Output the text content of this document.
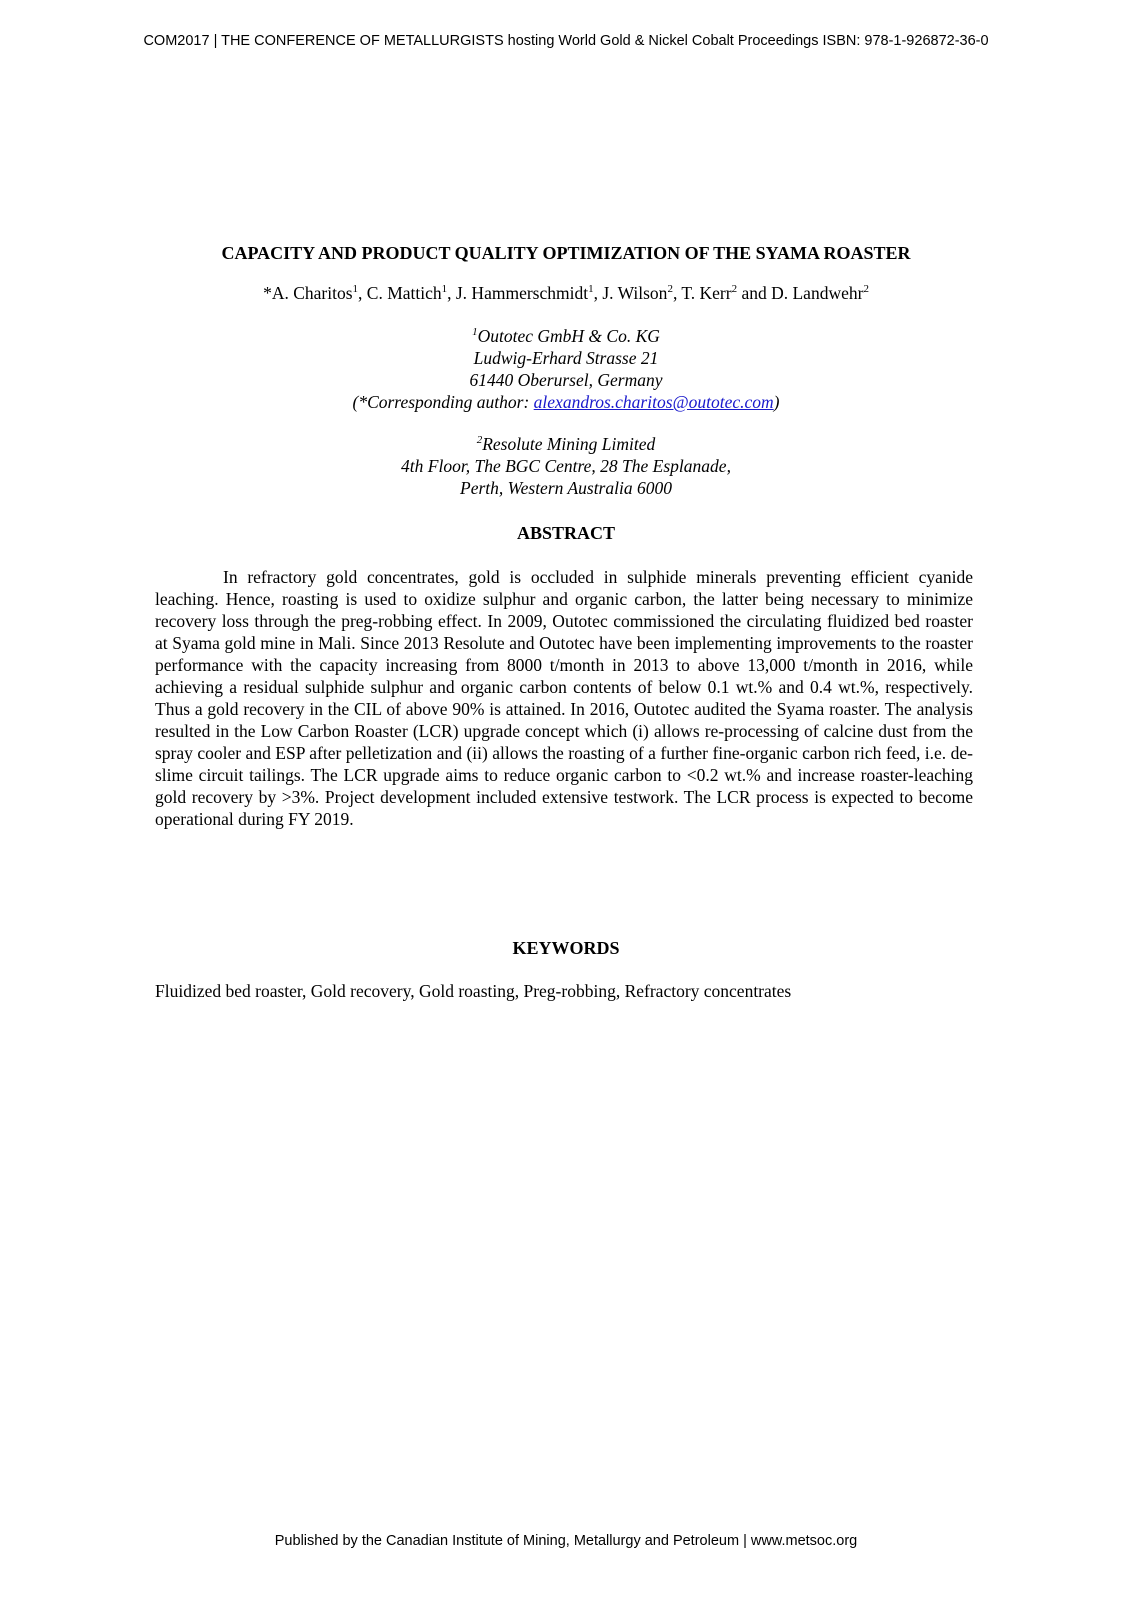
COM2017 | THE CONFERENCE OF METALLURGISTS hosting World Gold & Nickel Cobalt Proceedings ISBN: 978-1-926872-36-0
CAPACITY AND PRODUCT QUALITY OPTIMIZATION OF THE SYAMA ROASTER
*A. Charitos$^1$, C. Mattich$^1$, J. Hammerschmidt$^1$, J. Wilson$^2$, T. Kerr$^2$ and D. Landwehr$^2$
$^1$Outotec GmbH & Co. KG
Ludwig-Erhard Strasse 21
61440 Oberursel, Germany
(*Corresponding author: alexandros.charitos@outotec.com)
$^2$Resolute Mining Limited
4th Floor, The BGC Centre, 28 The Esplanade,
Perth, Western Australia 6000
ABSTRACT

In refractory gold concentrates, gold is occluded in sulphide minerals preventing efficient cyanide leaching. Hence, roasting is used to oxidize sulphur and organic carbon, the latter being necessary to minimize recovery loss through the preg-robbing effect. In 2009, Outotec commissioned the circulating fluidized bed roaster at Syama gold mine in Mali. Since 2013 Resolute and Outotec have been implementing improvements to the roaster performance with the capacity increasing from 8000 t/month in 2013 to above 13,000 t/month in 2016, while achieving a residual sulphide sulphur and organic carbon contents of below 0.1 wt.% and 0.4 wt.%, respectively. Thus a gold recovery in the CIL of above 90% is attained. In 2016, Outotec audited the Syama roaster. The analysis resulted in the Low Carbon Roaster (LCR) upgrade concept which (i) allows re-processing of calcine dust from the spray cooler and ESP after pelletization and (ii) allows the roasting of a further fine-organic carbon rich feed, i.e. de-slime circuit tailings. The LCR upgrade aims to reduce organic carbon to <0.2 wt.% and increase roaster-leaching gold recovery by >3%. Project development included extensive testwork. The LCR process is expected to become operational during FY 2019.

KEYWORDS

Fluidized bed roaster, Gold recovery, Gold roasting, Preg-robbing, Refractory concentrates

Published by the Canadian Institute of Mining, Metallurgy and Petroleum | www.metsoc.org
